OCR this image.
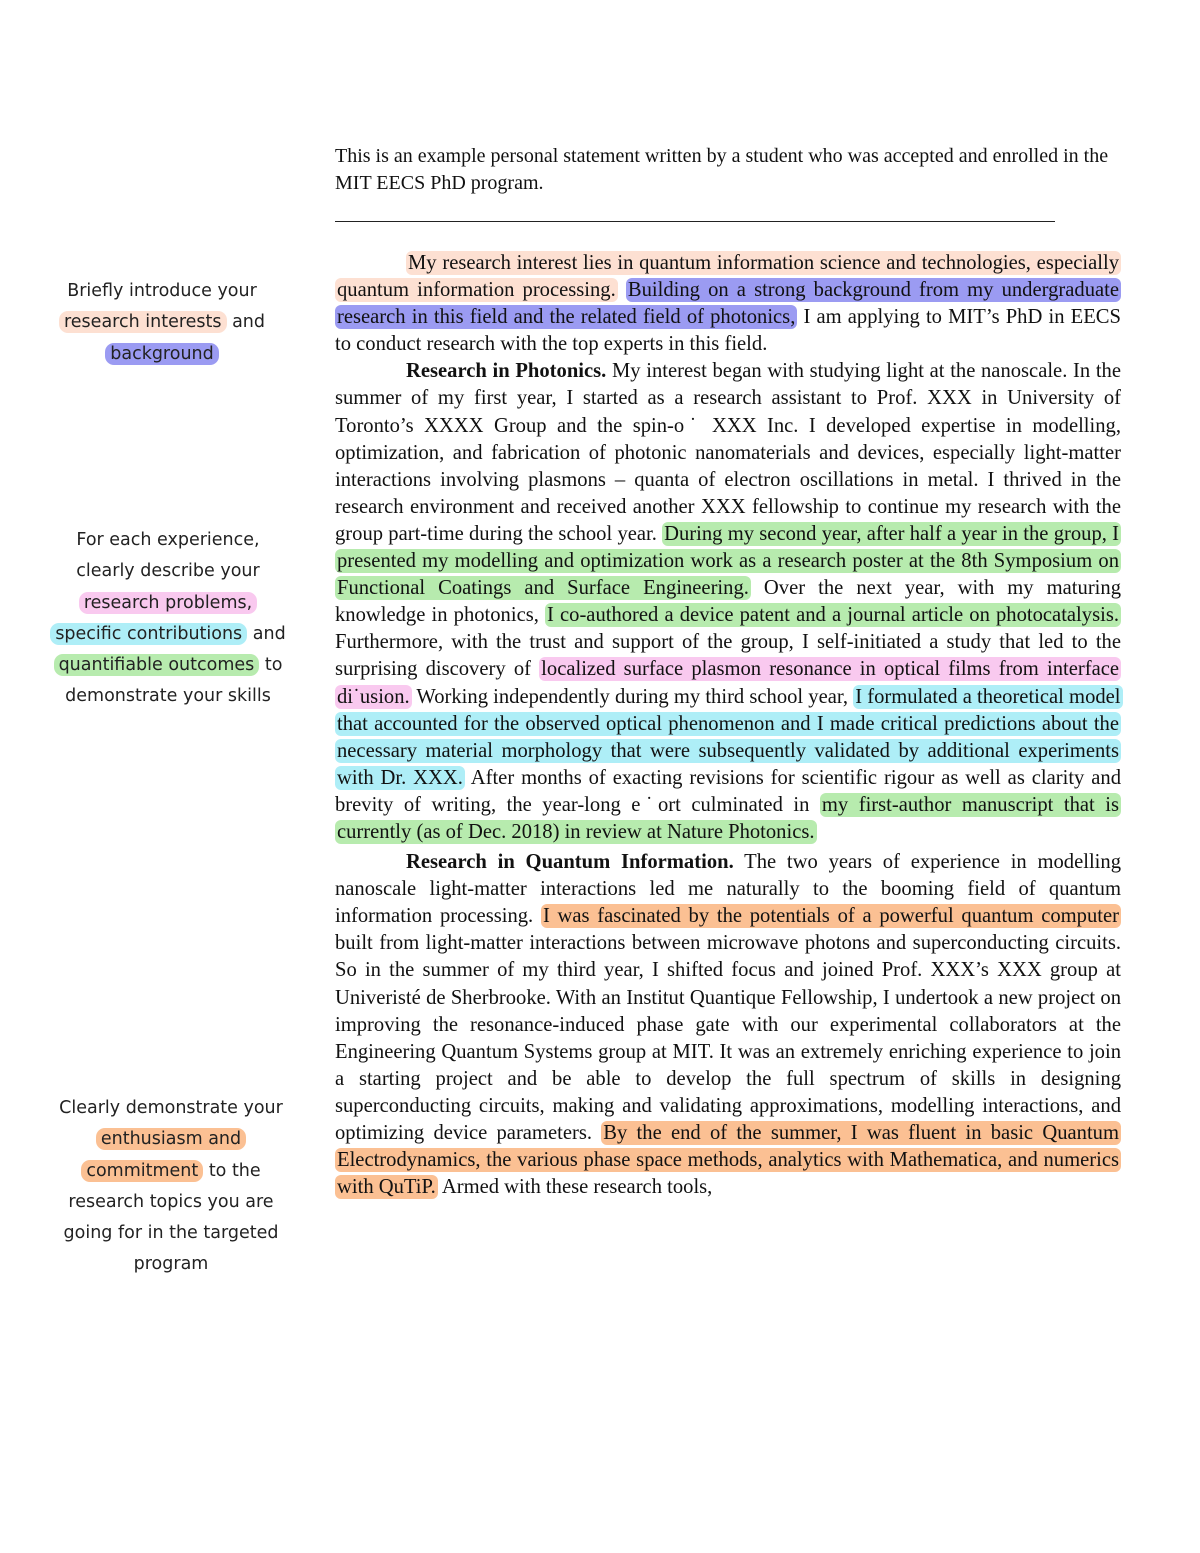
This is an example personal statement written by a student who was accepted and enrolled in the MIT EECS PhD program.
Briefly introduce your
research interests and
background
For each experience,
clearly describe your
research problems,
specific contributions and
quantifiable outcomes to
demonstrate your skills
Clearly demonstrate your
enthusiasm and
commitment to the
research topics you are
going for in the targeted
program

My research interest lies in quantum information science and technologies, especially quantum information processing. Building on a strong background from my undergraduate research in this field and the related field of photonics, I am applying to MIT’s PhD in EECS to conduct research with the top experts in this field.

Research in Photonics. My interest began with studying light at the nanoscale. In the summer of my first year, I started as a research assistant to Prof. XXX in University of Toronto’s XXXX Group and the spin-o˙ XXX Inc. I developed expertise in modelling, optimization, and fabrication of photonic nanomaterials and devices, especially light-matter interactions involving plasmons – quanta of electron oscillations in metal. I thrived in the research environment and received another XXX fellowship to continue my research with the group part-time during the school year. During my second year, after half a year in the group, I presented my modelling and optimization work as a research poster at the 8th Symposium on Functional Coatings and Surface Engineering. Over the next year, with my maturing knowledge in photonics, I co-authored a device patent and a journal article on photocatalysis. Furthermore, with the trust and support of the group, I self-initiated a study that led to the surprising discovery of localized surface plasmon resonance in optical films from interface di˙usion. Working independently during my third school year, I formulated a theoretical model that accounted for the observed optical phenomenon and I made critical predictions about the necessary material morphology that were subsequently validated by additional experiments with Dr. XXX. After months of exacting revisions for scientific rigour as well as clarity and brevity of writing, the year-long e˙ort culminated in my first-author manuscript that is currently (as of Dec. 2018) in review at Nature Photonics.

Research in Quantum Information. The two years of experience in modelling nanoscale light-matter interactions led me naturally to the booming field of quantum information processing. I was fascinated by the potentials of a powerful quantum computer built from light-matter interactions between microwave photons and superconducting circuits. So in the summer of my third year, I shifted focus and joined Prof. XXX’s XXX group at Univeristé de Sherbrooke. With an Institut Quantique Fellowship, I undertook a new project on improving the resonance-induced phase gate with our experimental collaborators at the Engineering Quantum Systems group at MIT. It was an extremely enriching experience to join a starting project and be able to develop the full spectrum of skills in designing superconducting circuits, making and validating approximations, modelling interactions, and optimizing device parameters. By the end of the summer, I was fluent in basic Quantum Electrodynamics, the various phase space methods, analytics with Mathematica, and numerics with QuTiP. Armed with these research tools,
